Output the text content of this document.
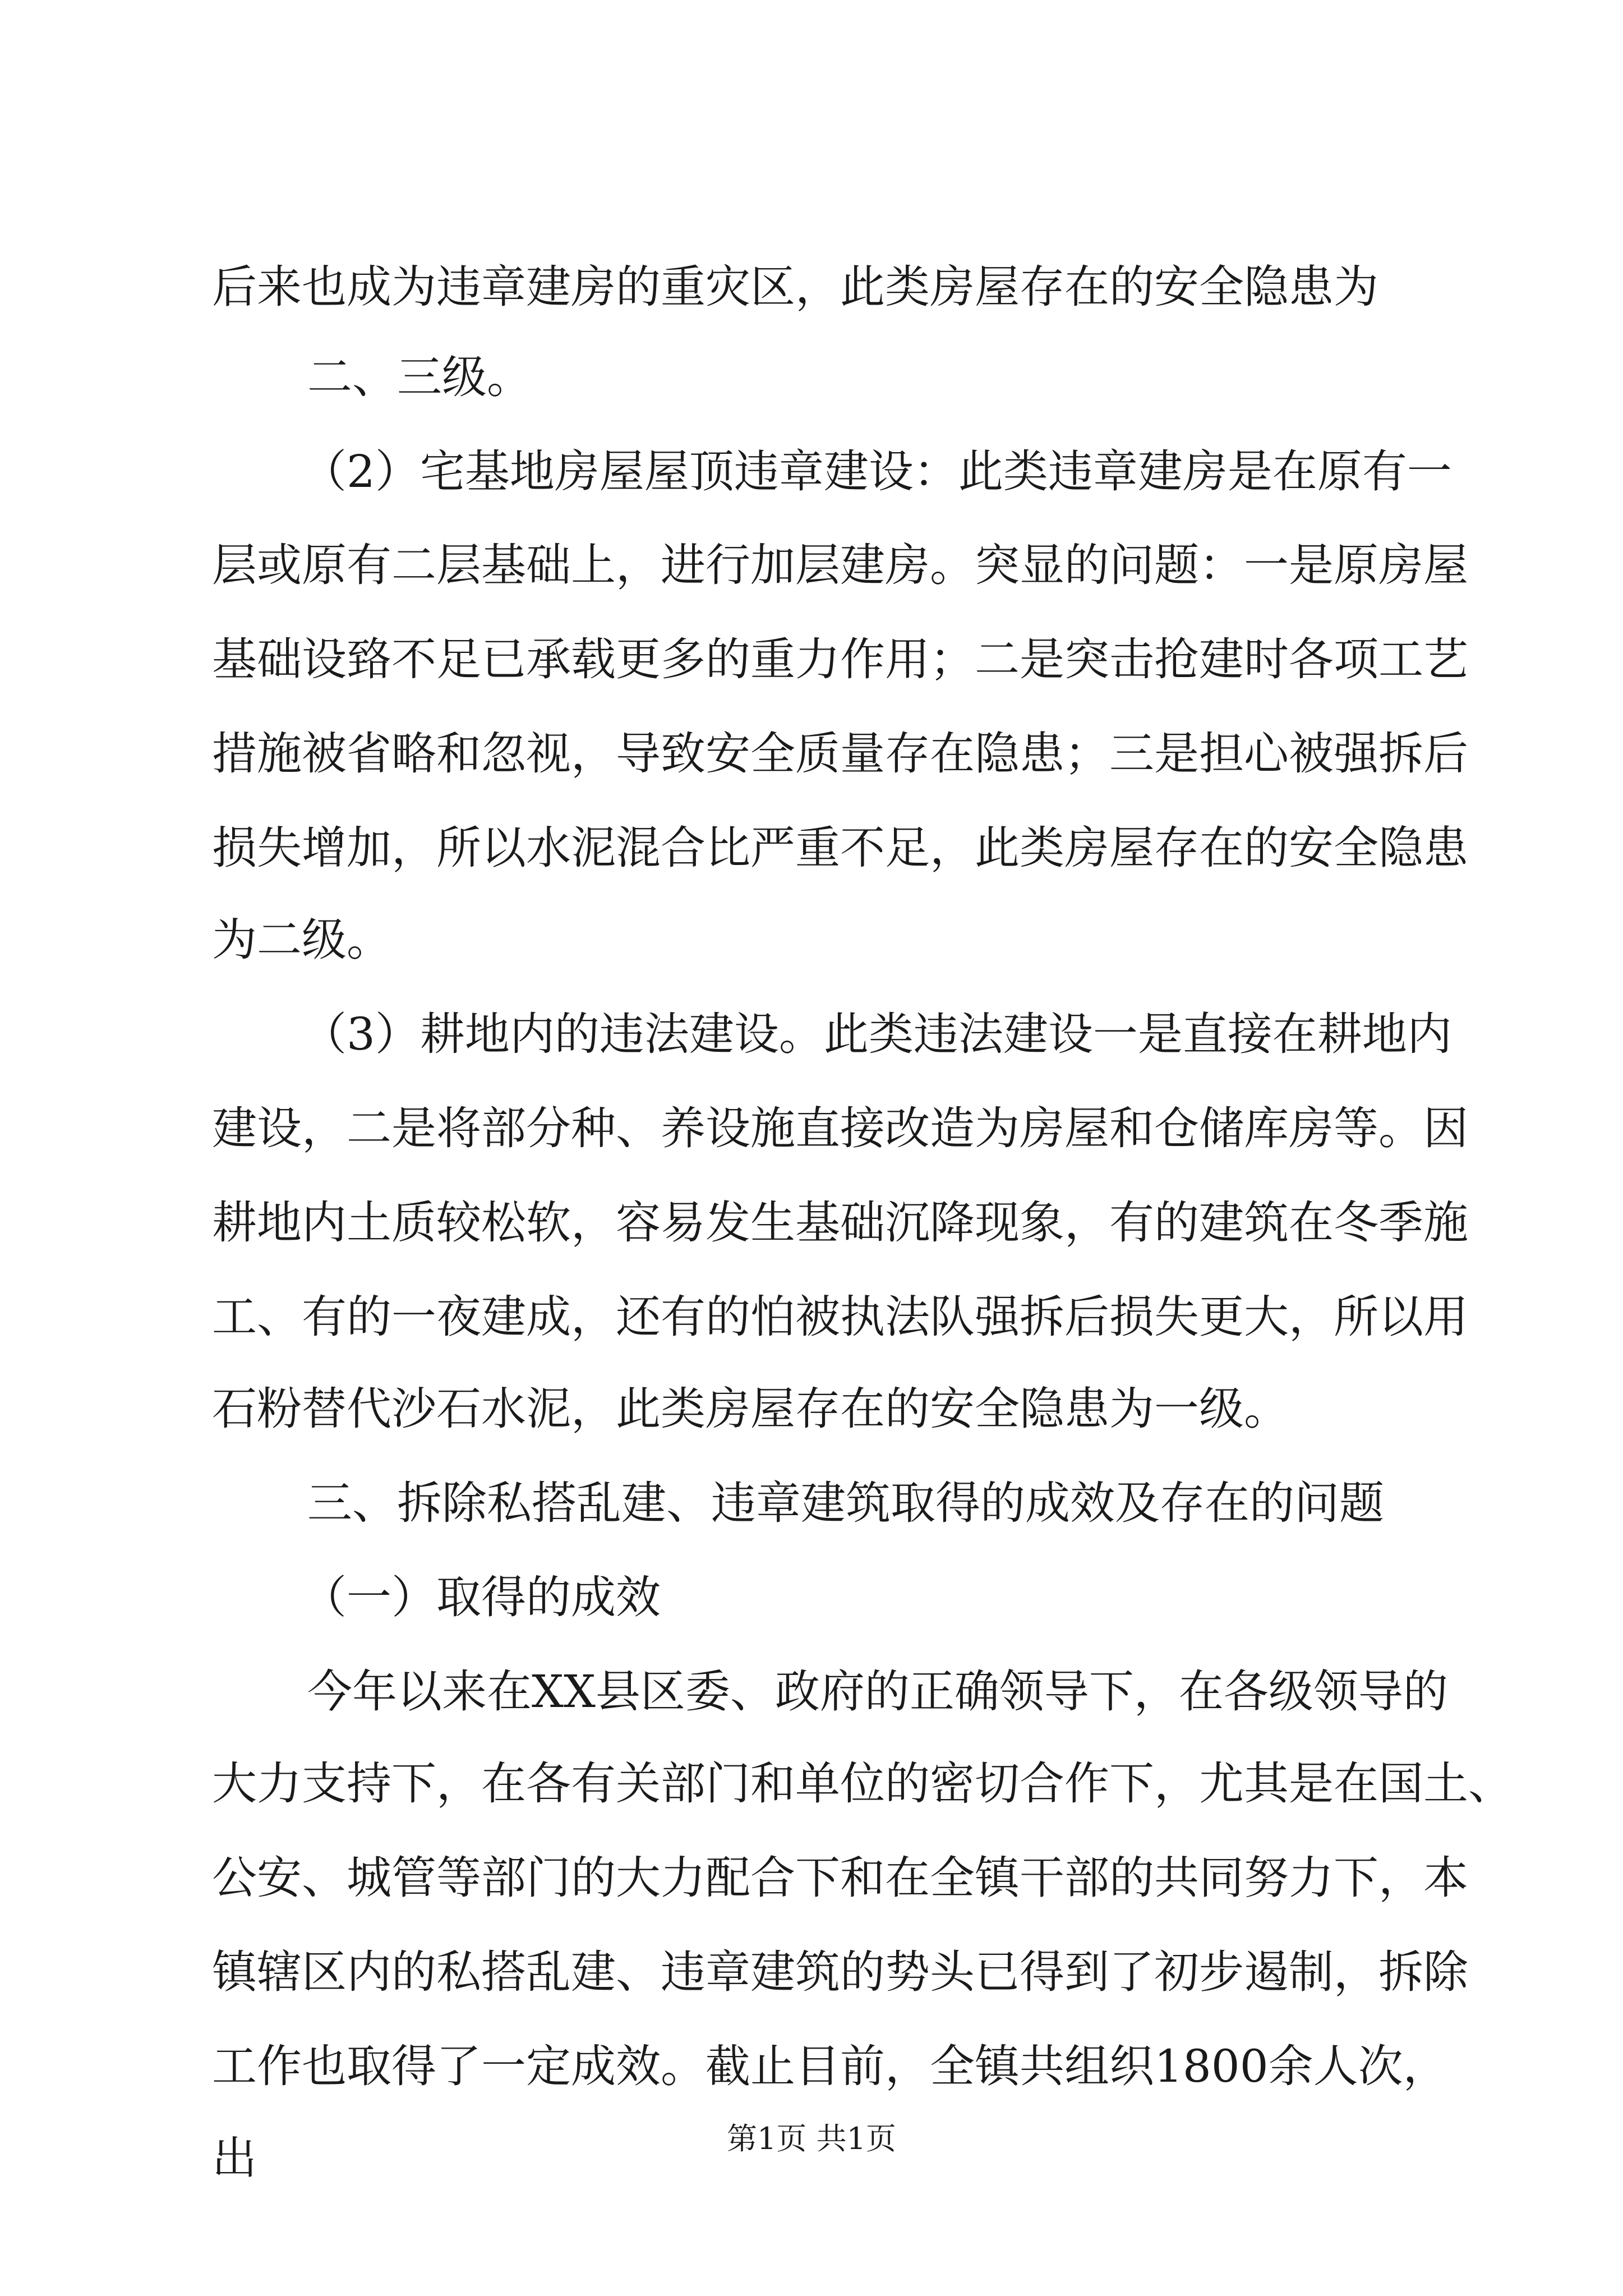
后来也成为违章建房的重灾区，此类房屋存在的安全隐患为
二、三级。
（2）宅基地房屋屋顶违章建设：此类违章建房是在原有一
层或原有二层基础上，进行加层建房。突显的问题：一是原房屋
基础设臵不足已承载更多的重力作用；二是突击抢建时各项工艺
措施被省略和忽视，导致安全质量存在隐患；三是担心被强拆后
损失增加，所以水泥混合比严重不足，此类房屋存在的安全隐患
为二级。
（3）耕地内的违法建设。此类违法建设一是直接在耕地内
建设，二是将部分种、养设施直接改造为房屋和仓储库房等。因
耕地内土质较松软，容易发生基础沉降现象，有的建筑在冬季施
工、有的一夜建成，还有的怕被执法队强拆后损失更大，所以用
石粉替代沙石水泥，此类房屋存在的安全隐患为一级。
三、拆除私搭乱建、违章建筑取得的成效及存在的问题
（一）取得的成效
今年以来在XX县区委、政府的正确领导下，在各级领导的
大力支持下，在各有关部门和单位的密切合作下，尤其是在国土、
公安、城管等部门的大力配合下和在全镇干部的共同努力下，本
镇辖区内的私搭乱建、违章建筑的势头已得到了初步遏制，拆除
工作也取得了一定成效。截止目前，全镇共组织1800余人次，
出	第1页 共1页
